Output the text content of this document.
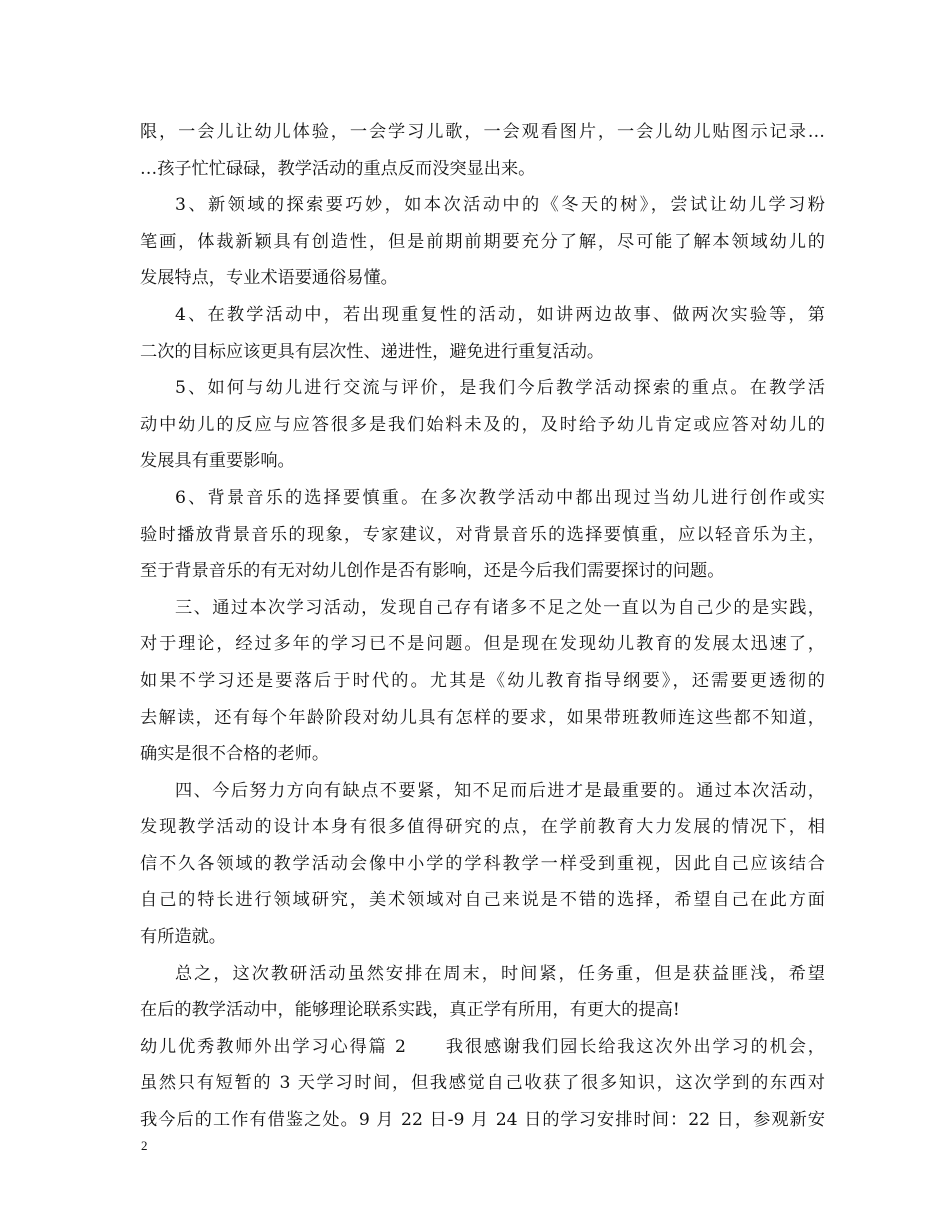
限，一会儿让幼儿体验，一会学习儿歌，一会观看图片，一会儿幼儿贴图示记录…
…孩子忙忙碌碌，教学活动的重点反而没突显出来。
3、新领域的探索要巧妙，如本次活动中的《冬天的树》，尝试让幼儿学习粉
笔画，体裁新颖具有创造性，但是前期前期要充分了解，尽可能了解本领域幼儿的
发展特点，专业术语要通俗易懂。
4、在教学活动中，若出现重复性的活动，如讲两边故事、做两次实验等，第
二次的目标应该更具有层次性、递进性，避免进行重复活动。
5、如何与幼儿进行交流与评价，是我们今后教学活动探索的重点。在教学活
动中幼儿的反应与应答很多是我们始料未及的，及时给予幼儿肯定或应答对幼儿的
发展具有重要影响。
6、背景音乐的选择要慎重。在多次教学活动中都出现过当幼儿进行创作或实
验时播放背景音乐的现象，专家建议，对背景音乐的选择要慎重，应以轻音乐为主，
至于背景音乐的有无对幼儿创作是否有影响，还是今后我们需要探讨的问题。
三、通过本次学习活动，发现自己存有诸多不足之处一直以为自己少的是实践，
对于理论，经过多年的学习已不是问题。但是现在发现幼儿教育的发展太迅速了，
如果不学习还是要落后于时代的。尤其是《幼儿教育指导纲要》，还需要更透彻的
去解读，还有每个年龄阶段对幼儿具有怎样的要求，如果带班教师连这些都不知道，
确实是很不合格的老师。
四、今后努力方向有缺点不要紧，知不足而后进才是最重要的。通过本次活动，
发现教学活动的设计本身有很多值得研究的点，在学前教育大力发展的情况下，相
信不久各领域的教学活动会像中小学的学科教学一样受到重视，因此自己应该结合
自己的特长进行领域研究，美术领域对自己来说是不错的选择，希望自己在此方面
有所造就。
总之，这次教研活动虽然安排在周末，时间紧，任务重，但是获益匪浅，希望
在后的教学活动中，能够理论联系实践，真正学有所用，有更大的提高!
幼儿优秀教师外出学习心得篇 2　　我很感谢我们园长给我这次外出学习的机会，
虽然只有短暂的 3 天学习时间，但我感觉自己收获了很多知识，这次学到的东西对
我今后的工作有借鉴之处。9 月 22 日-9 月 24 日的学习安排时间：22 日，参观新安
2
